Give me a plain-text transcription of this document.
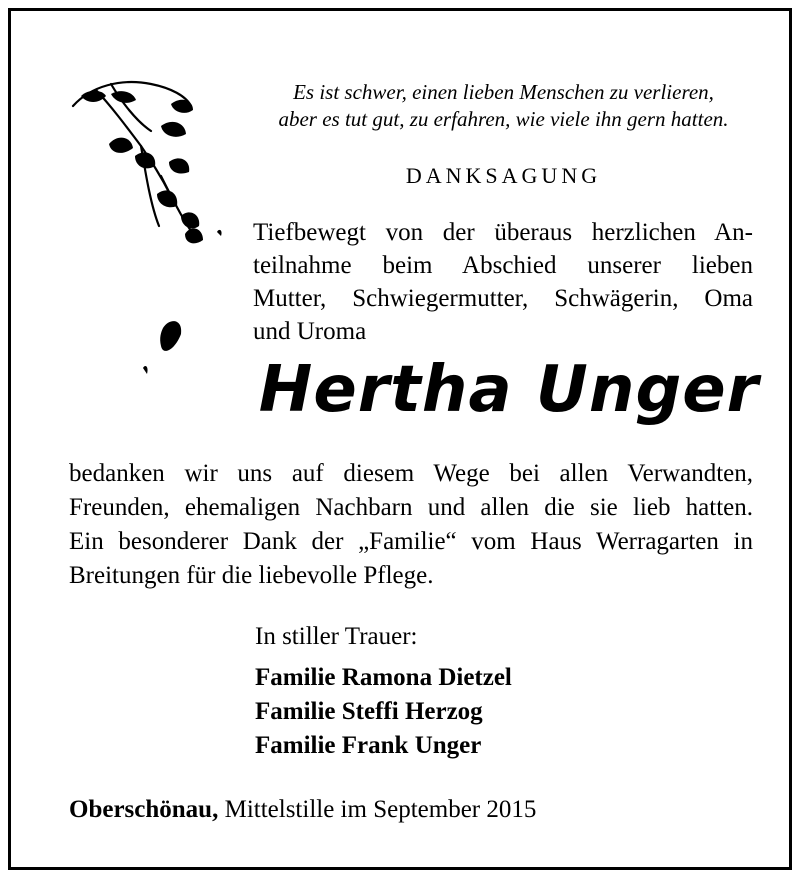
Es ist schwer, einen lieben Menschen zu verlieren,
aber es tut gut, zu erfahren, wie viele ihn gern hatten.
DANKSAGUNG
Tiefbewegt von der überaus herzlichen An-
teilnahme beim Abschied unserer lieben
Mutter, Schwiegermutter, Schwägerin, Oma
und Uroma
Hertha Unger
bedanken wir uns auf diesem Wege bei allen Verwandten,
Freunden, ehemaligen Nachbarn und allen die sie lieb hatten.
Ein besonderer Dank der „Familie“ vom Haus Werragarten in
Breitungen für die liebevolle Pflege.
In stiller Trauer:
Familie Ramona Dietzel
Familie Steffi Herzog
Familie Frank Unger
Oberschönau, Mittelstille im September 2015
